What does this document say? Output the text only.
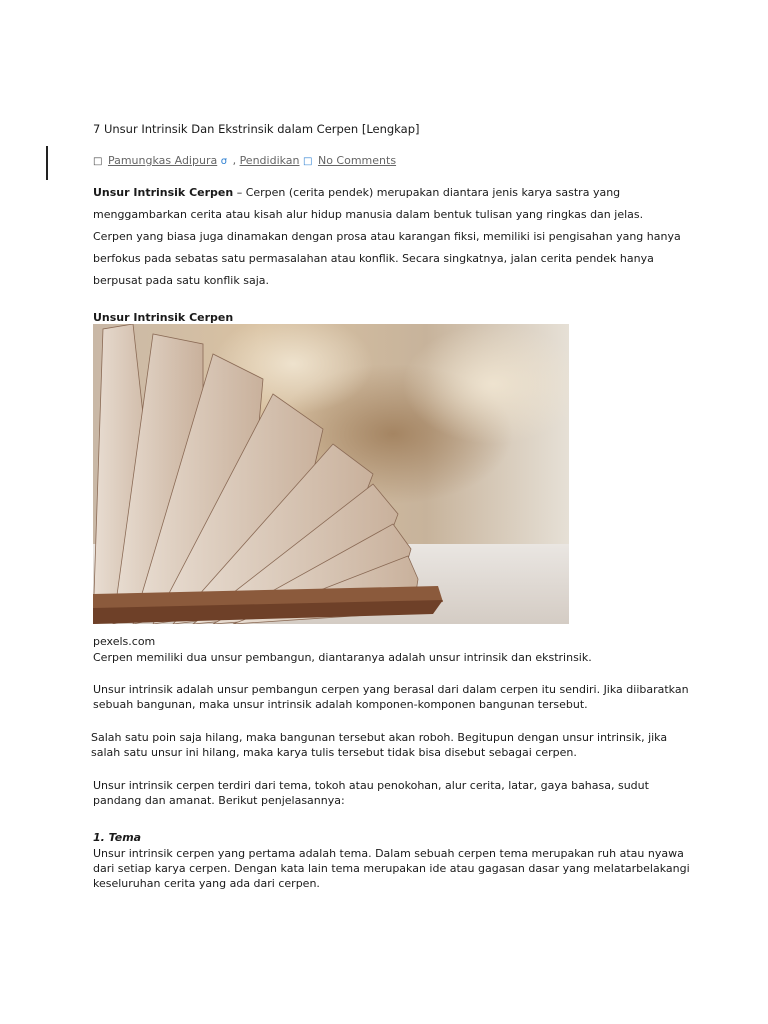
7 Unsur Intrinsik Dan Ekstrinsik dalam Cerpen [Lengkap]

□ Pamungkas Adipura σ , Pendidikan □ No Comments

Unsur Intrinsik Cerpen – Cerpen (cerita pendek) merupakan diantara jenis karya sastra yang menggambarkan cerita atau kisah alur hidup manusia dalam bentuk tulisan yang ringkas dan jelas.
Cerpen yang biasa juga dinamakan dengan prosa atau karangan fiksi, memiliki isi pengisahan yang hanya berfokus pada sebatas satu permasalahan atau konflik. Secara singkatnya, jalan cerita pendek hanya berpusat pada satu konflik saja.

Unsur Intrinsik Cerpen

pexels.com

Cerpen memiliki dua unsur pembangun, diantaranya adalah unsur intrinsik dan ekstrinsik.

Unsur intrinsik adalah unsur pembangun cerpen yang berasal dari dalam cerpen itu sendiri. Jika diibaratkan sebuah bangunan, maka unsur intrinsik adalah komponen-komponen bangunan tersebut.

Salah satu poin saja hilang, maka bangunan tersebut akan roboh. Begitupun dengan unsur intrinsik, jika salah satu unsur ini hilang, maka karya tulis tersebut tidak bisa disebut sebagai cerpen.

Unsur intrinsik cerpen terdiri dari tema, tokoh atau penokohan, alur cerita, latar, gaya bahasa, sudut pandang dan amanat. Berikut penjelasannya:

1. Tema

Unsur intrinsik cerpen yang pertama adalah tema. Dalam sebuah cerpen tema merupakan ruh atau nyawa dari setiap karya cerpen. Dengan kata lain tema merupakan ide atau gagasan dasar yang melatarbelakangi keseluruhan cerita yang ada dari cerpen.
